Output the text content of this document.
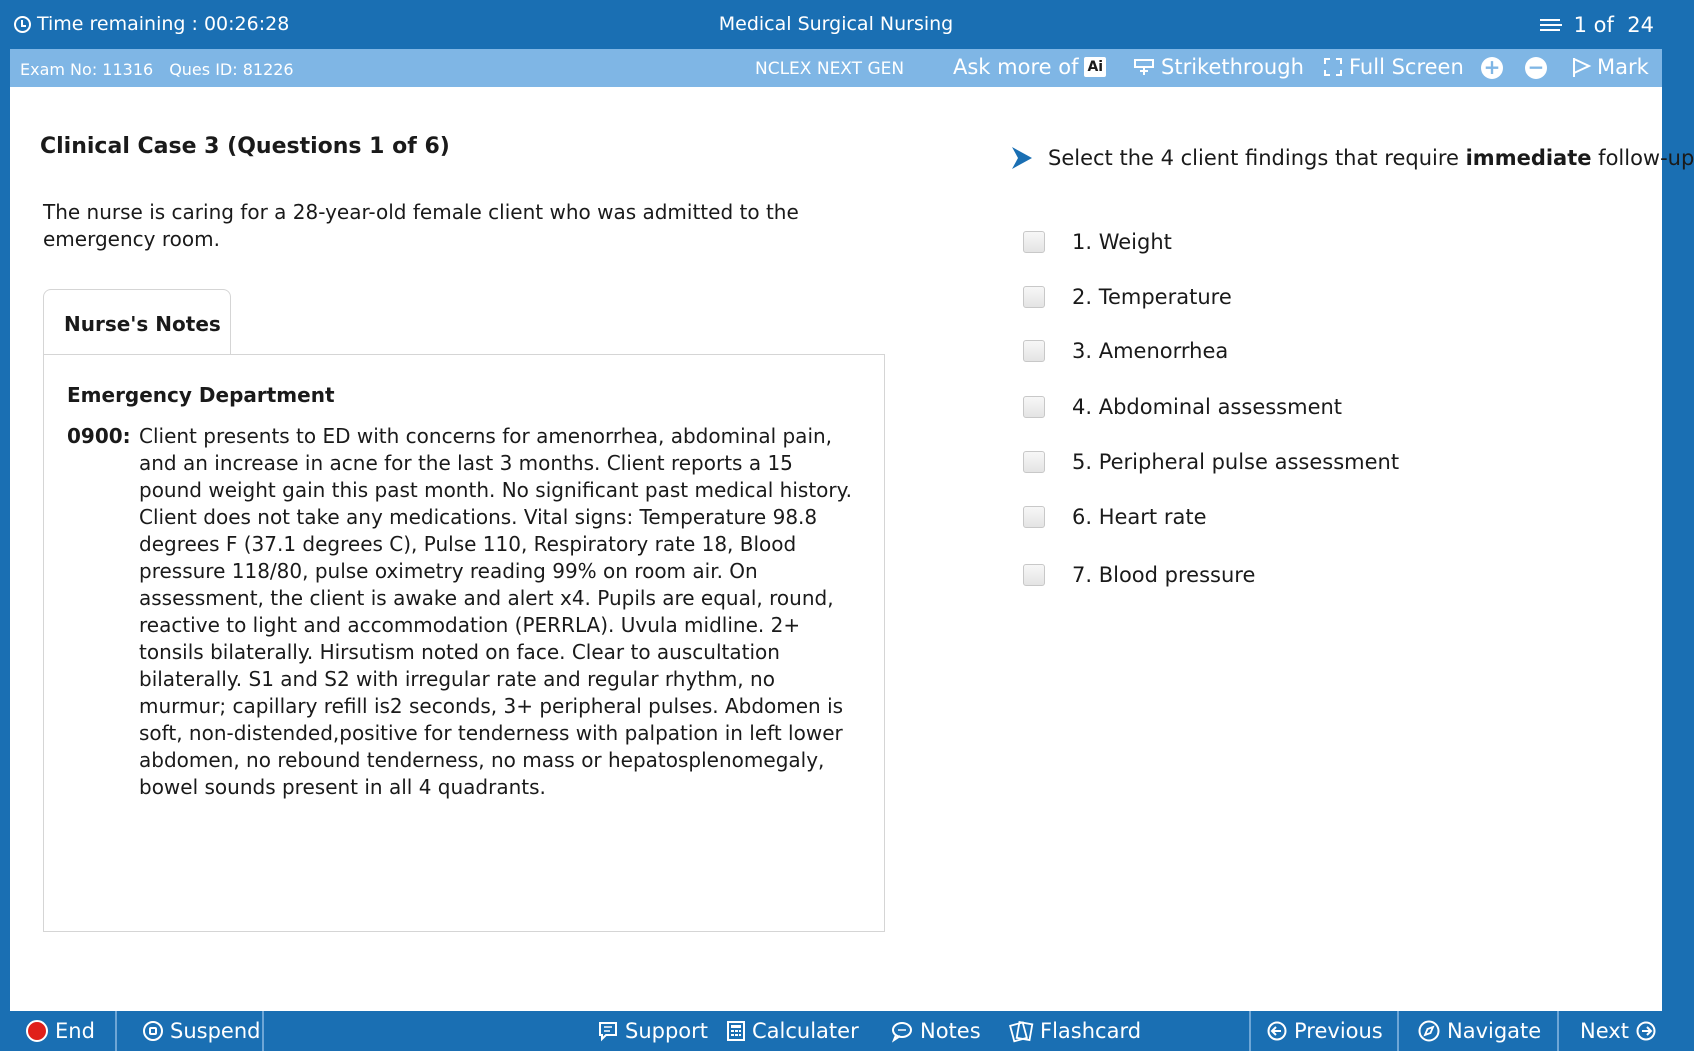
Time remaining : 00:26:28	Medical Surgical Nursing	1 of  24
Exam No: 11316 Ques ID: 81226	NCLEX NEXT GEN Ask more of Ai	Strikethrough Full Screen + −	Mark
Clinical Case 3 (Questions 1 of 6)
The nurse is caring for a 28-year-old female client who was admitted to the emergency room.
Nurse's Notes
Emergency Department
0900: Client presents to ED with concerns for amenorrhea, abdominal pain, and an increase in acne for the last 3 months. Client reports a 15 pound weight gain this past month. No significant past medical history. Client does not take any medications. Vital signs: Temperature 98.8 degrees F (37.1 degrees C), Pulse 110, Respiratory rate 18, Blood pressure 118/80, pulse oximetry reading 99% on room air. On assessment, the client is awake and alert x4. Pupils are equal, round, reactive to light and accommodation (PERRLA). Uvula midline. 2+ tonsils bilaterally. Hirsutism noted on face. Clear to auscultation bilaterally. S1 and S2 with irregular rate and regular rhythm, no murmur; capillary refill is2 seconds, 3+ peripheral pulses. Abdomen is soft, non-distended,positive for tenderness with palpation in left lower abdomen, no rebound tenderness, no mass or hepatosplenomegaly, bowel sounds present in all 4 quadrants.
Select the 4 client findings that require immediate follow-up
1. Weight
2. Temperature
3. Amenorrhea
4. Abdominal assessment
5. Peripheral pulse assessment
6. Heart rate
7. Blood pressure
End	Suspend	Support Calculater	Notes	Flashcard	Previous	Navigate Next
